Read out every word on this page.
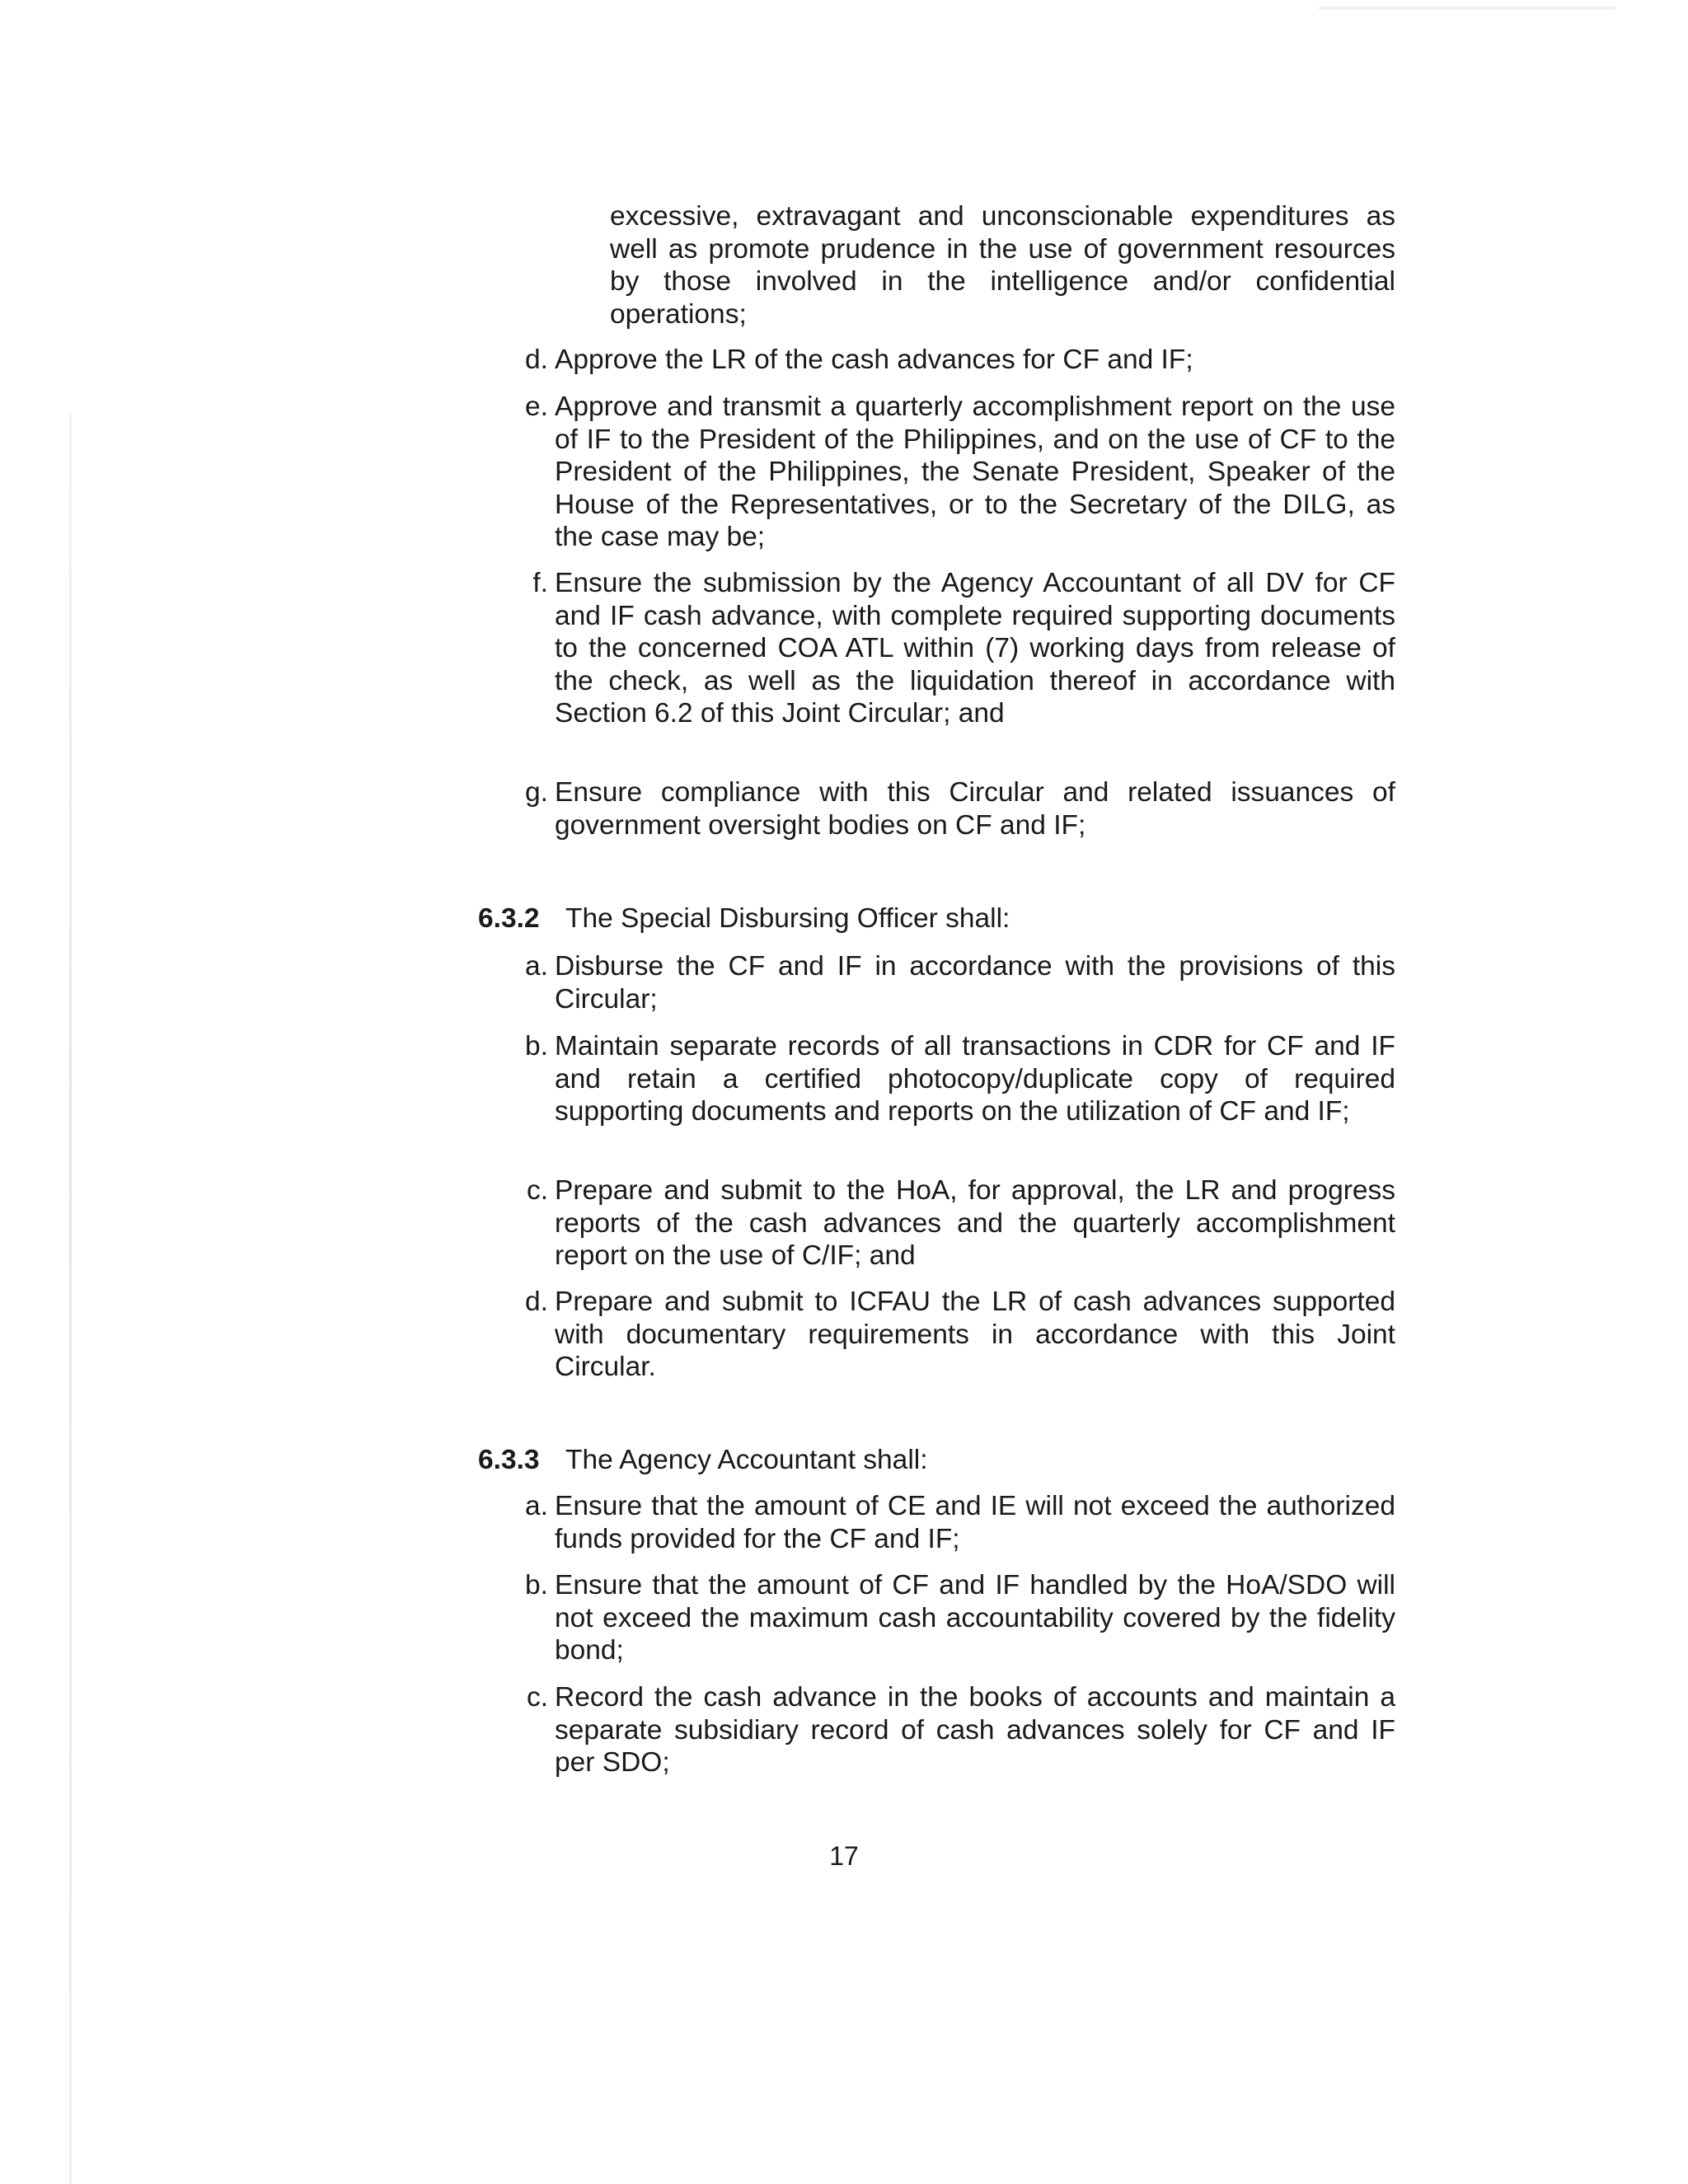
excessive, extravagant and unconscionable expenditures as well as promote prudence in the use of government resources by those involved in the intelligence and/or confidential operations;
d. Approve the LR of the cash advances for CF and IF;
e. Approve and transmit a quarterly accomplishment report on the use of IF to the President of the Philippines, and on the use of CF to the President of the Philippines, the Senate President, Speaker of the House of the Representatives, or to the Secretary of the DILG, as the case may be;
f. Ensure the submission by the Agency Accountant of all DV for CF and IF cash advance, with complete required supporting documents to the concerned COA ATL within (7) working days from release of the check, as well as the liquidation thereof in accordance with Section 6.2 of this Joint Circular; and
g. Ensure compliance with this Circular and related issuances of government oversight bodies on CF and IF;
6.3.2 The Special Disbursing Officer shall:
a. Disburse the CF and IF in accordance with the provisions of this Circular;
b. Maintain separate records of all transactions in CDR for CF and IF and retain a certified photocopy/duplicate copy of required supporting documents and reports on the utilization of CF and IF;
c. Prepare and submit to the HoA, for approval, the LR and progress reports of the cash advances and the quarterly accomplishment report on the use of C/IF; and
d. Prepare and submit to ICFAU the LR of cash advances supported with documentary requirements in accordance with this Joint Circular.
6.3.3 The Agency Accountant shall:
a. Ensure that the amount of CE and IE will not exceed the authorized funds provided for the CF and IF;
b. Ensure that the amount of CF and IF handled by the HoA/SDO will not exceed the maximum cash accountability covered by the fidelity bond;
c. Record the cash advance in the books of accounts and maintain a separate subsidiary record of cash advances solely for CF and IF per SDO;
17
